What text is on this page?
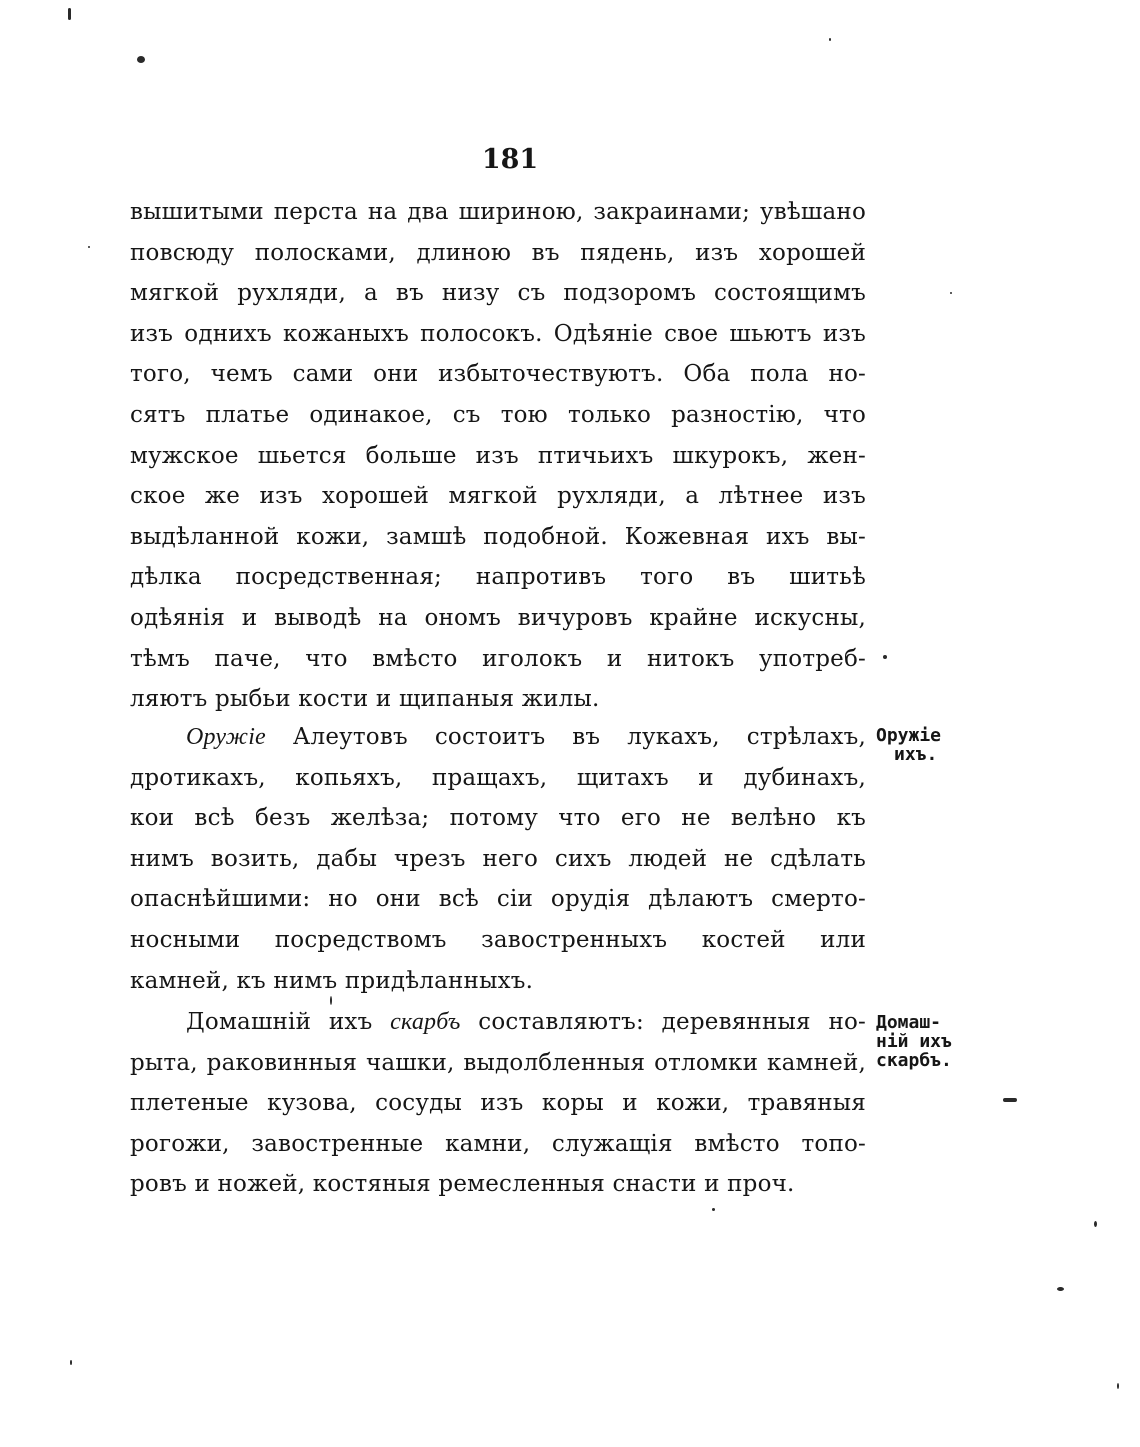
181
вышитыми перста на два шириною, закраинами; увѣшано
повсюду полосками, длиною въ пядень, изъ хорошей
мягкой рухляди, а въ низу съ подзоромъ состоящимъ
изъ однихъ кожаныхъ полосокъ. Одѣяніе свое шьютъ изъ
того, чемъ сами они избыточествуютъ. Оба пола но-
сятъ платье одинакое, съ тою только разностію, что
мужское шьется больше изъ птичьихъ шкурокъ, жен-
ское же изъ хорошей мягкой рухляди, а лѣтнее изъ
выдѣланной кожи, замшѣ подобной. Кожевная ихъ вы-
дѣлка посредственная; напротивъ того въ шитьѣ
одѣянія и выводѣ на ономъ вичуровъ крайне искусны,
тѣмъ паче, что вмѣсто иголокъ и нитокъ употреб-
ляютъ рыбьи кости и щипаныя жилы.
Оружіе Алеутовъ состоитъ въ лукахъ, стрѣлахъ,
дротикахъ, копьяхъ, пращахъ, щитахъ и дубинахъ,
кои всѣ безъ желѣза; потому что его не велѣно къ
нимъ возить, дабы чрезъ него сихъ людей не сдѣлать
опаснѣйшими: но они всѣ сіи орудія дѣлаютъ смерто-
носными посредствомъ завостренныхъ костей или
камней, къ нимъ придѣланныхъ.
Домашній ихъ скарбъ составляютъ: деревянныя но-
рытa, раковинныя чашки, выдолбленныя отломки камней,
плетеные кузова, сосуды изъ коры и кожи, травяныя
рогожи, завостренные камни, служащія вмѣсто топо-
ровъ и ножей, костяныя ремесленныя снасти и проч.
Оружіе
ихъ.
Домаш-
ній ихъ
скарбъ.
